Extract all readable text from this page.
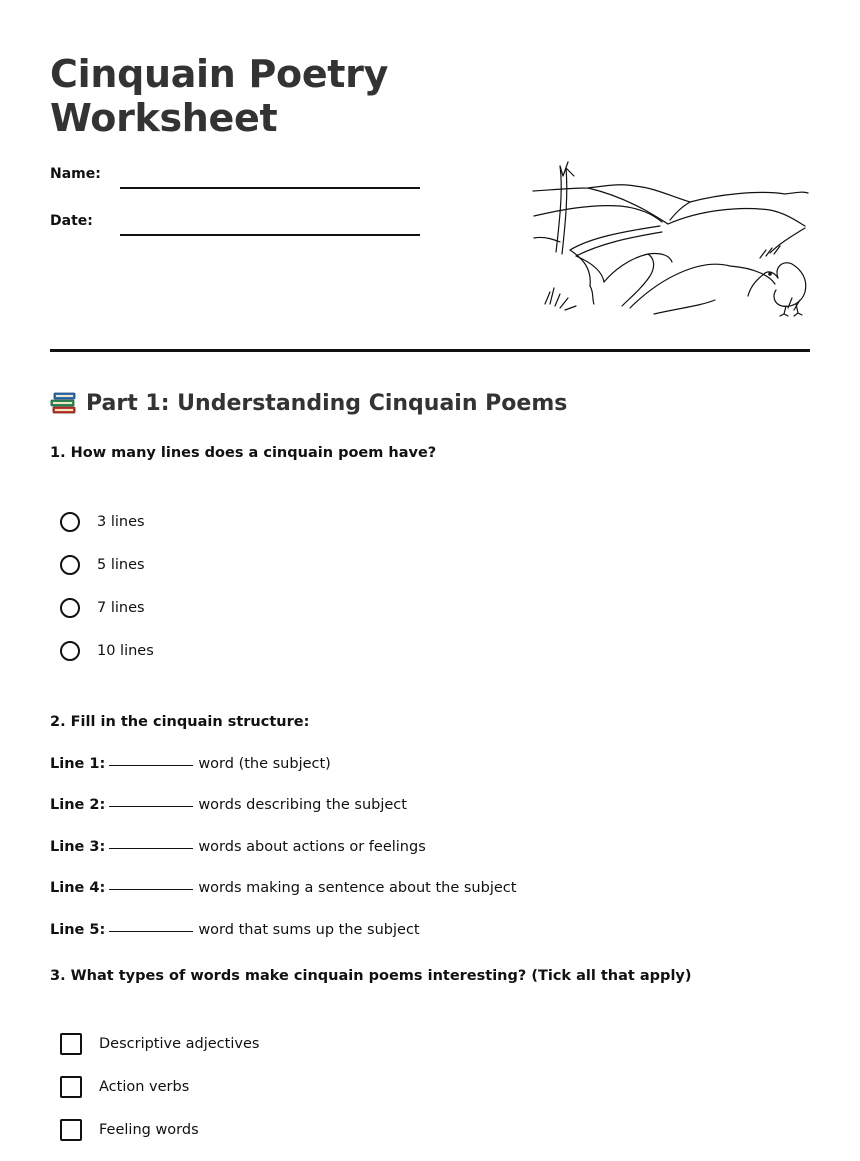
Cinquain Poetry
Worksheet
Name:
Date:
Part 1: Understanding Cinquain Poems

1. How many lines does a cinquain poem have?

3 lines
5 lines
7 lines
10 lines

2. Fill in the cinquain structure:

Line 1:	word (the subject)
Line 2:	words describing the subject
Line 3:	words about actions or feelings
Line 4:	words making a sentence about the subject
Line 5:	word that sums up the subject

3. What types of words make cinquain poems interesting? (Tick all that apply)

Descriptive adjectives
Action verbs
Feeling words
